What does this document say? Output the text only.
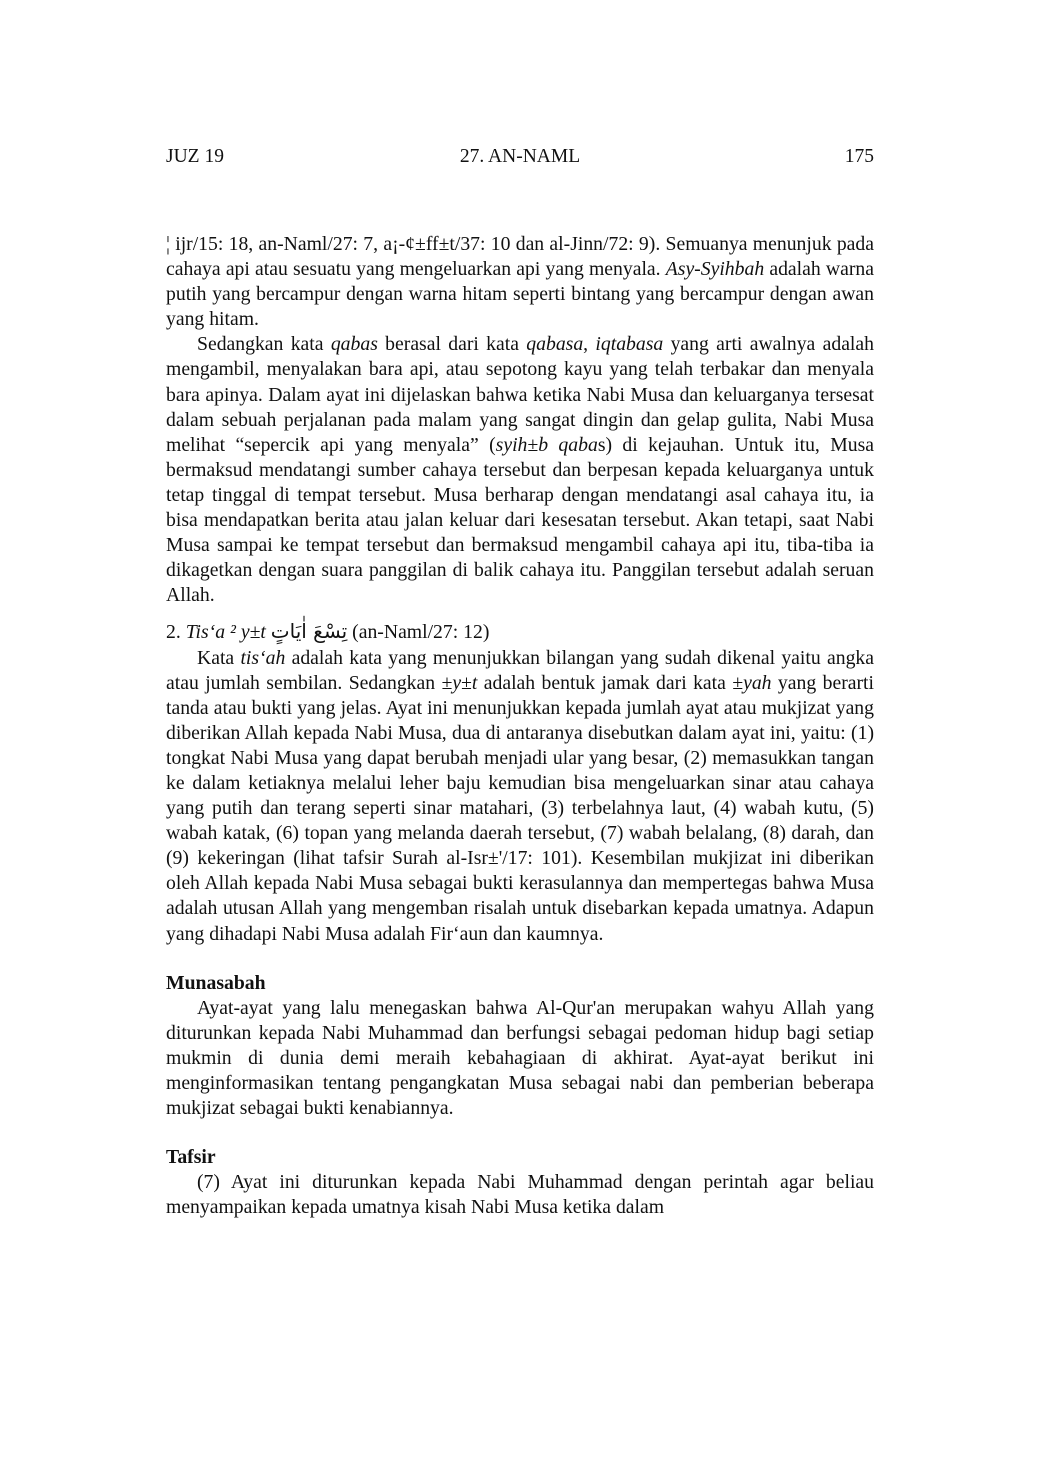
JUZ 19	27. AN-NAML	175

¦ ijr/15: 18, an-Naml/27: 7, a¡-¢±ff±t/37: 10 dan al-Jinn/72: 9). Semuanya menunjuk pada cahaya api atau sesuatu yang mengeluarkan api yang menyala. Asy-Syihbah adalah warna putih yang bercampur dengan warna hitam seperti bintang yang bercampur dengan awan yang hitam.

Sedangkan kata qabas berasal dari kata qabasa, iqtabasa yang arti awalnya adalah mengambil, menyalakan bara api, atau sepotong kayu yang telah terbakar dan menyala bara apinya. Dalam ayat ini dijelaskan bahwa ketika Nabi Musa dan keluarganya tersesat dalam sebuah perjalanan pada malam yang sangat dingin dan gelap gulita, Nabi Musa melihat “sepercik api yang menyala” (syih±b qabas) di kejauhan. Untuk itu, Musa bermaksud mendatangi sumber cahaya tersebut dan berpesan kepada keluarganya untuk tetap tinggal di tempat tersebut. Musa berharap dengan mendatangi asal cahaya itu, ia bisa mendapatkan berita atau jalan keluar dari kesesatan tersebut. Akan tetapi, saat Nabi Musa sampai ke tempat tersebut dan bermaksud mengambil cahaya api itu, tiba-tiba ia dikagetkan dengan suara panggilan di balik cahaya itu. Panggilan tersebut adalah seruan Allah.

2. Tis‘a ² y±t تِسْعَ اٰيَاتٍ (an-Naml/27: 12)

Kata tis‘ah adalah kata yang menunjukkan bilangan yang sudah dikenal yaitu angka atau jumlah sembilan. Sedangkan ±y±t adalah bentuk jamak dari kata ±yah yang berarti tanda atau bukti yang jelas. Ayat ini menunjukkan kepada jumlah ayat atau mukjizat yang diberikan Allah kepada Nabi Musa, dua di antaranya disebutkan dalam ayat ini, yaitu: (1) tongkat Nabi Musa yang dapat berubah menjadi ular yang besar, (2) memasukkan tangan ke dalam ketiaknya melalui leher baju kemudian bisa mengeluarkan sinar atau cahaya yang putih dan terang seperti sinar matahari, (3) terbelahnya laut, (4) wabah kutu, (5) wabah katak, (6) topan yang melanda daerah tersebut, (7) wabah belalang, (8) darah, dan (9) kekeringan (lihat tafsir Surah al-Isr±'/17: 101). Kesembilan mukjizat ini diberikan oleh Allah kepada Nabi Musa sebagai bukti kerasulannya dan mempertegas bahwa Musa adalah utusan Allah yang mengemban risalah untuk disebarkan kepada umatnya. Adapun yang dihadapi Nabi Musa adalah Fir‘aun dan kaumnya.

Munasabah

Ayat-ayat yang lalu menegaskan bahwa Al-Qur'an merupakan wahyu Allah yang diturunkan kepada Nabi Muhammad dan berfungsi sebagai pedoman hidup bagi setiap mukmin di dunia demi meraih kebahagiaan di akhirat. Ayat-ayat berikut ini menginformasikan tentang pengangkatan Musa sebagai nabi dan pemberian beberapa mukjizat sebagai bukti kenabiannya.

Tafsir

(7) Ayat ini diturunkan kepada Nabi Muhammad dengan perintah agar beliau menyampaikan kepada umatnya kisah Nabi Musa ketika dalam
